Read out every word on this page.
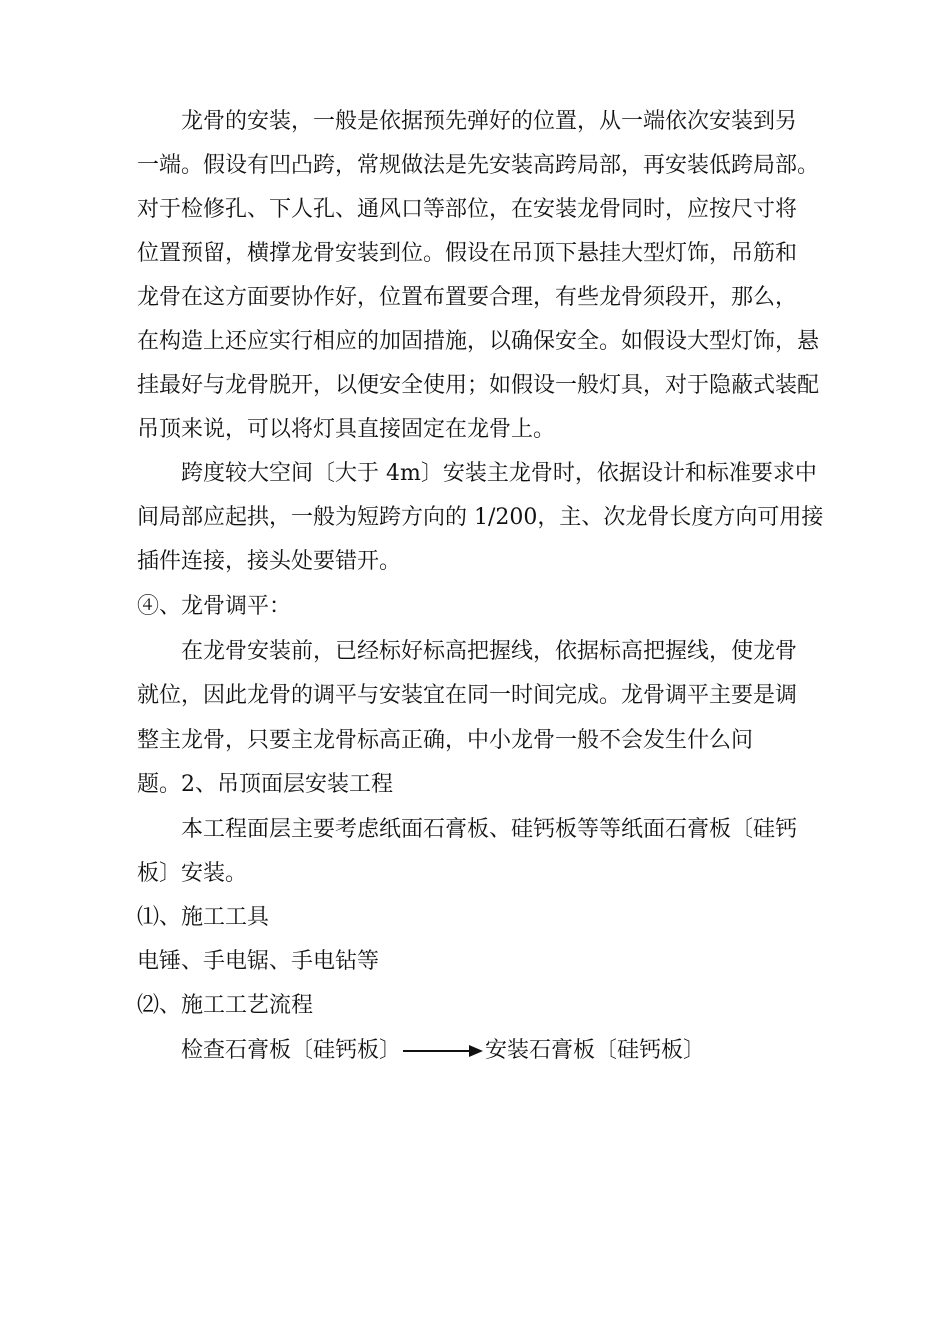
龙骨的安装，一般是依据预先弹好的位置，从一端依次安装到另
一端。假设有凹凸跨，常规做法是先安装高跨局部，再安装低跨局部。
对于检修孔、下人孔、通风口等部位，在安装龙骨同时，应按尺寸将
位置预留，横撑龙骨安装到位。假设在吊顶下悬挂大型灯饰，吊筋和
龙骨在这方面要协作好，位置布置要合理，有些龙骨须段开，那么，
在构造上还应实行相应的加固措施，以确保安全。如假设大型灯饰，悬
挂最好与龙骨脱开，以便安全使用；如假设一般灯具，对于隐蔽式装配
吊顶来说，可以将灯具直接固定在龙骨上。
跨度较大空间〔大于 4m〕安装主龙骨时，依据设计和标准要求中
间局部应起拱，一般为短跨方向的 1/200，主、次龙骨长度方向可用接
插件连接，接头处要错开。
④、龙骨调平：
在龙骨安装前，已经标好标高把握线，依据标高把握线，使龙骨
就位，因此龙骨的调平与安装宜在同一时间完成。龙骨调平主要是调
整主龙骨，只要主龙骨标高正确，中小龙骨一般不会发生什么问
题。2、吊顶面层安装工程
本工程面层主要考虑纸面石膏板、硅钙板等等纸面石膏板〔硅钙
板〕安装。
⑴、施工工具
电锤、手电锯、手电钻等
⑵、施工工艺流程
检查石膏板〔硅钙板〕	安装石膏板〔硅钙板〕
